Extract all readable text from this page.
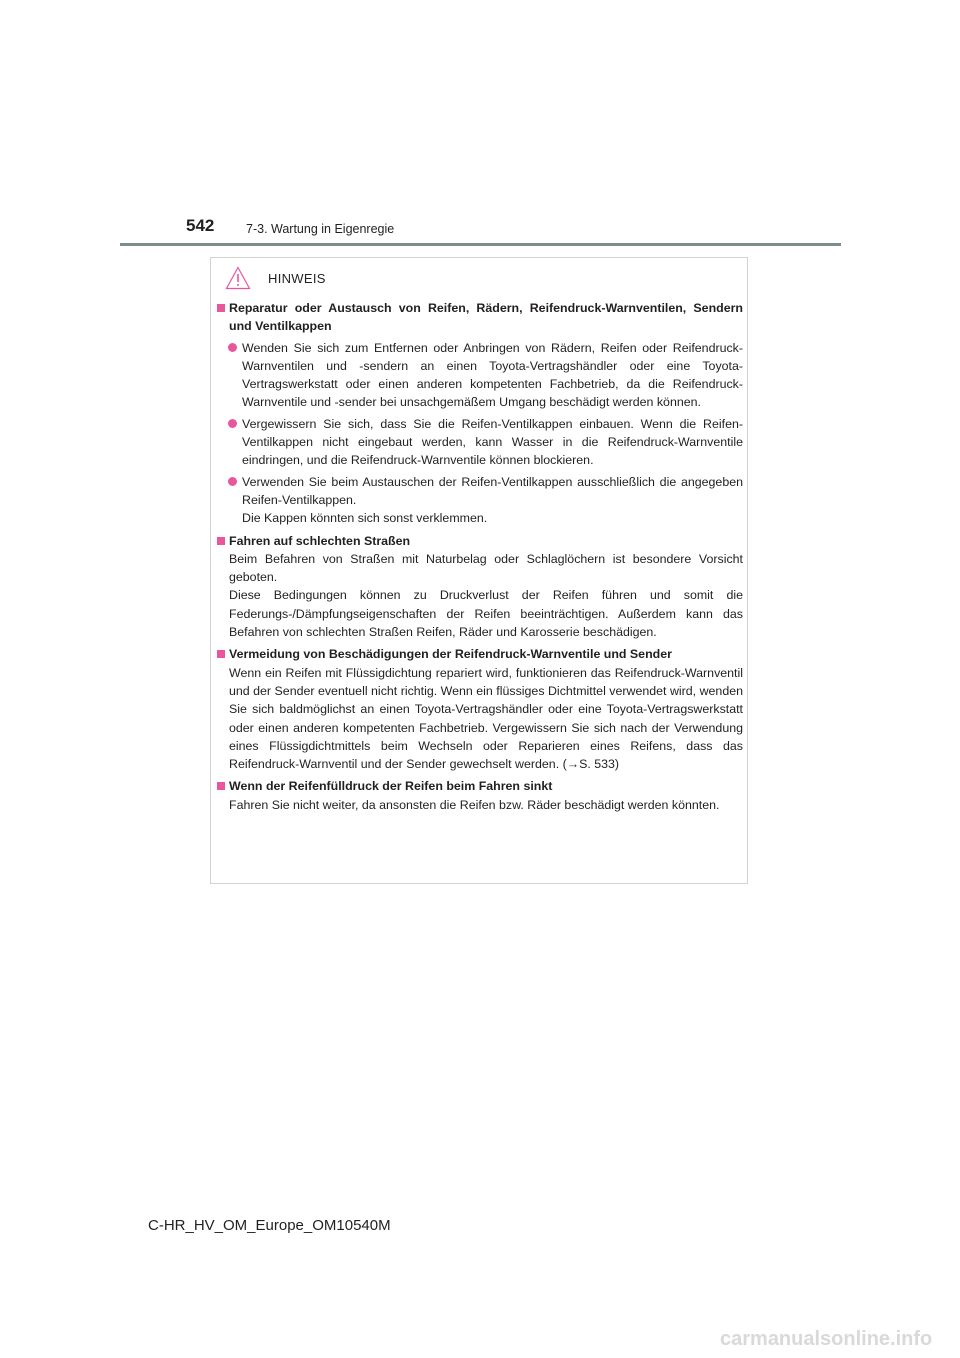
542	7-3. Wartung in Eigenregie
HINWEIS
Reparatur oder Austausch von Reifen, Rädern, Reifendruck-Warnventilen, Sendern und Ventilkappen
Wenden Sie sich zum Entfernen oder Anbringen von Rädern, Reifen oder Reifendruck-Warnventilen und -sendern an einen Toyota-Vertragshändler oder eine Toyota-Vertragswerkstatt oder einen anderen kompetenten Fachbetrieb, da die Reifendruck-Warnventile und -sender bei unsachgemäßem Umgang beschädigt werden können.
Vergewissern Sie sich, dass Sie die Reifen-Ventilkappen einbauen. Wenn die Reifen-Ventilkappen nicht eingebaut werden, kann Wasser in die Reifendruck-Warnventile eindringen, und die Reifendruck-Warnventile können blockieren.
Verwenden Sie beim Austauschen der Reifen-Ventilkappen ausschließlich die angegeben Reifen-Ventilkappen.
Die Kappen könnten sich sonst verklemmen.
Fahren auf schlechten Straßen
Beim Befahren von Straßen mit Naturbelag oder Schlaglöchern ist besondere Vorsicht geboten.
Diese Bedingungen können zu Druckverlust der Reifen führen und somit die Federungs-/Dämpfungseigenschaften der Reifen beeinträchtigen. Außerdem kann das Befahren von schlechten Straßen Reifen, Räder und Karosserie beschädigen.
Vermeidung von Beschädigungen der Reifendruck-Warnventile und Sender
Wenn ein Reifen mit Flüssigdichtung repariert wird, funktionieren das Reifendruck-Warnventil und der Sender eventuell nicht richtig. Wenn ein flüssiges Dichtmittel verwendet wird, wenden Sie sich baldmöglichst an einen Toyota-Vertragshändler oder eine Toyota-Vertragswerkstatt oder einen anderen kompetenten Fachbetrieb. Vergewissern Sie sich nach der Verwendung eines Flüssigdichtmittels beim Wechseln oder Reparieren eines Reifens, dass das Reifendruck-Warnventil und der Sender gewechselt werden. (→S. 533)
Wenn der Reifenfülldruck der Reifen beim Fahren sinkt
Fahren Sie nicht weiter, da ansonsten die Reifen bzw. Räder beschädigt werden könnten.
C-HR_HV_OM_Europe_OM10540M
carmanualsonline.info
